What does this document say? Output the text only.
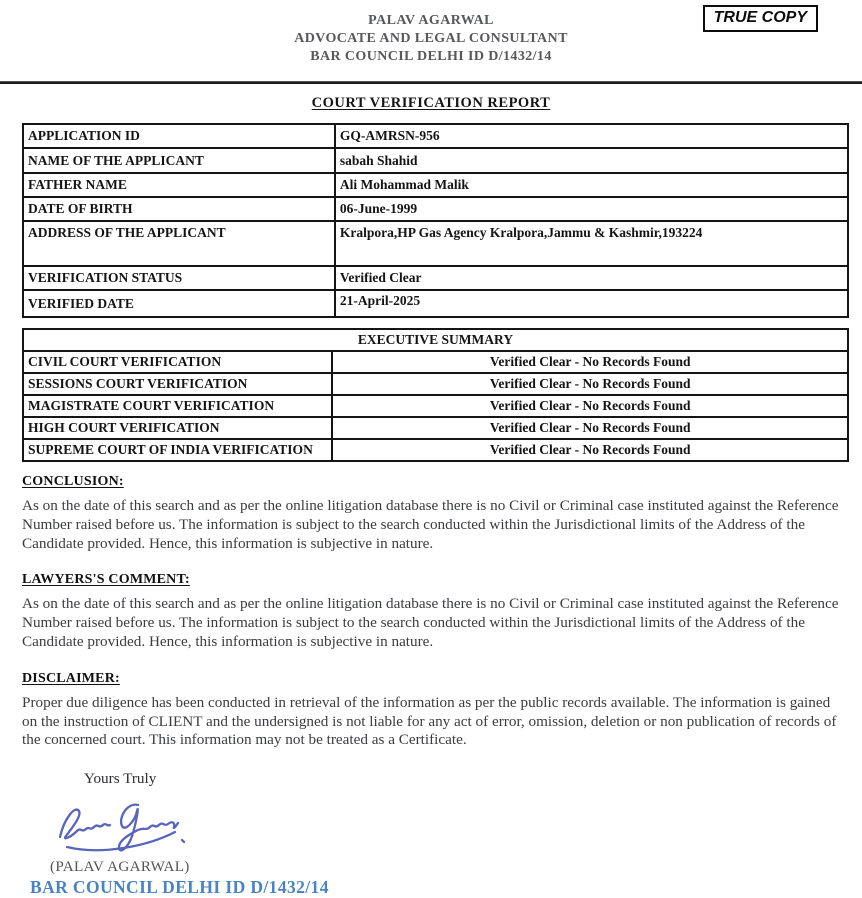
PALAV AGARWAL
ADVOCATE AND LEGAL CONSULTANT
BAR COUNCIL DELHI ID D/1432/14
TRUE COPY
COURT VERIFICATION REPORT
APPLICATION ID	GQ-AMRSN-956
NAME OF THE APPLICANT	sabah Shahid
FATHER NAME	Ali Mohammad Malik
DATE OF BIRTH	06-June-1999
ADDRESS OF THE APPLICANT	Kralpora,HP Gas Agency Kralpora,Jammu & Kashmir,193224
VERIFICATION STATUS	Verified Clear
VERIFIED DATE	21-April-2025
EXECUTIVE SUMMARY	
CIVIL COURT VERIFICATION	Verified Clear - No Records Found
SESSIONS COURT VERIFICATION	Verified Clear - No Records Found
MAGISTRATE COURT VERIFICATION	Verified Clear - No Records Found
HIGH COURT VERIFICATION	Verified Clear - No Records Found
SUPREME COURT OF INDIA VERIFICATION	Verified Clear - No Records Found
CONCLUSION:
As on the date of this search and as per the online litigation database there is no Civil or Criminal case instituted against the Reference Number raised before us. The information is subject to the search conducted within the Jurisdictional limits of the Address of the Candidate provided. Hence, this information is subjective in nature.
LAWYERS'S COMMENT:
As on the date of this search and as per the online litigation database there is no Civil or Criminal case instituted against the Reference Number raised before us. The information is subject to the search conducted within the Jurisdictional limits of the Address of the Candidate provided. Hence, this information is subjective in nature.
DISCLAIMER:
Proper due diligence has been conducted in retrieval of the information as per the public records available. The information is gained on the instruction of CLIENT and the undersigned is not liable for any act of error, omission, deletion or non publication of records of the concerned court. This information may not be treated as a Certificate.
Yours Truly
(PALAV AGARWAL)
BAR COUNCIL DELHI ID D/1432/14
